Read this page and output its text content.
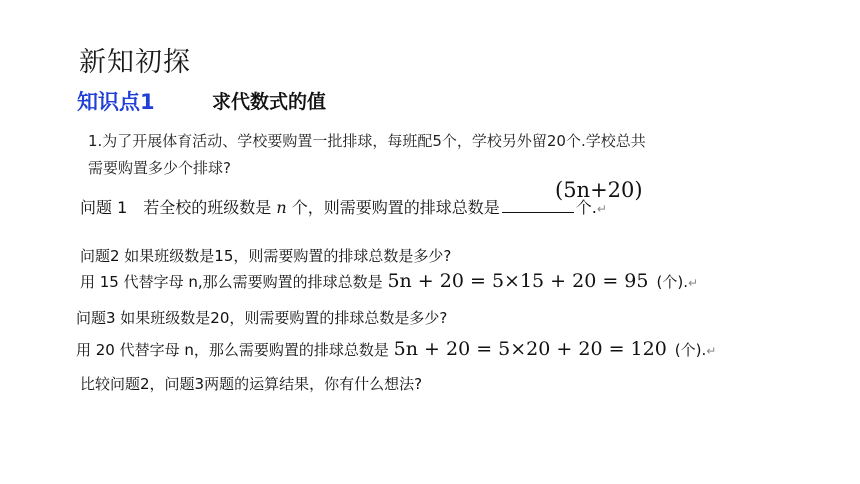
新知初探
知识点1	求代数式的值
1.为了开展体育活动、学校要购置一批排球，每班配5个，学校另外留20个.学校总共
需要购置多少个排球?
(5n+20)
问题 1　若全校的班级数是 n 个，则需要购置的排球总数是	个.↵
问题2 如果班级数是15，则需要购置的排球总数是多少?
用 15 代替字母 n,那么需要购置的排球总数是 5n + 20 = 5×15 + 20 = 95 (个).↵
问题3 如果班级数是20，则需要购置的排球总数是多少?
用 20 代替字母 n，那么需要购置的排球总数是 5n + 20 = 5×20 + 20 = 120 (个).↵
比较问题2，问题3两题的运算结果，你有什么想法?
